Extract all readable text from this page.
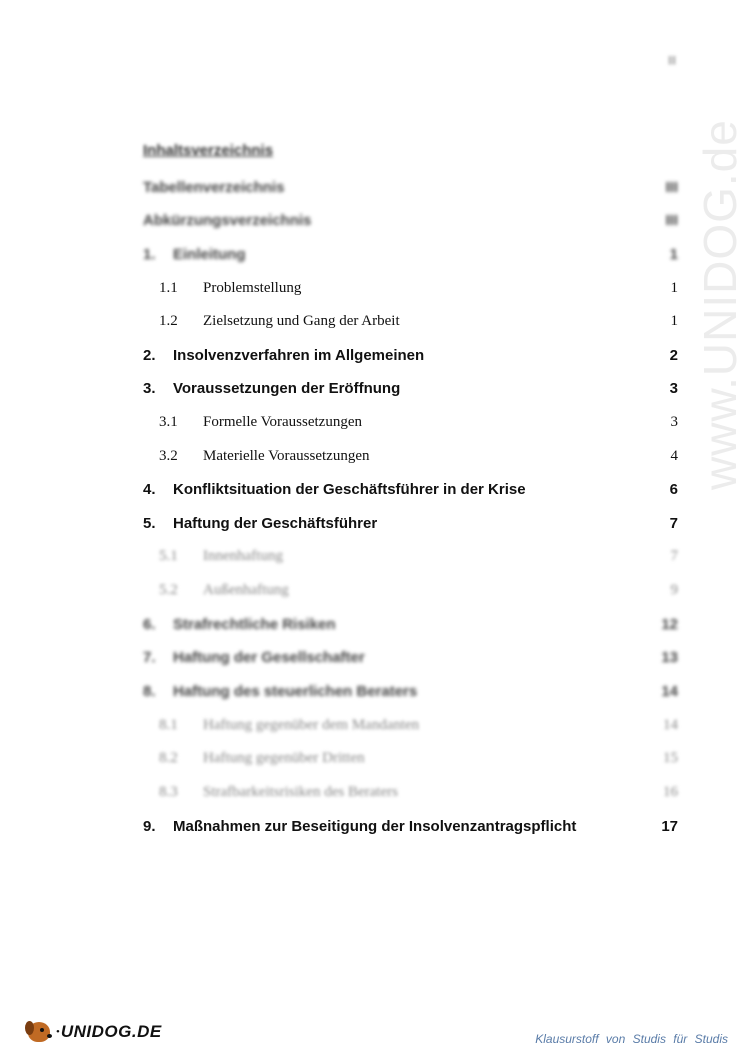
II
www.UNIDOG.de
Inhaltsverzeichnis
Tabellenverzeichnis	III
Abkürzungsverzeichnis	III
1.	Einleitung	1
1.1	Problemstellung	1
1.2	Zielsetzung und Gang der Arbeit	1
2.	Insolvenzverfahren im Allgemeinen	2
3.	Voraussetzungen der Eröffnung	3
3.1	Formelle Voraussetzungen	3
3.2	Materielle Voraussetzungen	4
4.	Konfliktsituation der Geschäftsführer in der Krise	6
5.	Haftung der Geschäftsführer	7
5.1	Innenhaftung	7
5.2	Außenhaftung	9
6.	Strafrechtliche Risiken	12
7.	Haftung der Gesellschafter	13
8.	Haftung des steuerlichen Beraters	14
8.1	Haftung gegenüber dem Mandanten	14
8.2	Haftung gegenüber Dritten	15
8.3	Strafbarkeitsrisiken des Beraters	16
9.	Maßnahmen zur Beseitigung der Insolvenzantragspflicht	17
• UNIDOG.DE	Klausurstoff von Studis für Studis
